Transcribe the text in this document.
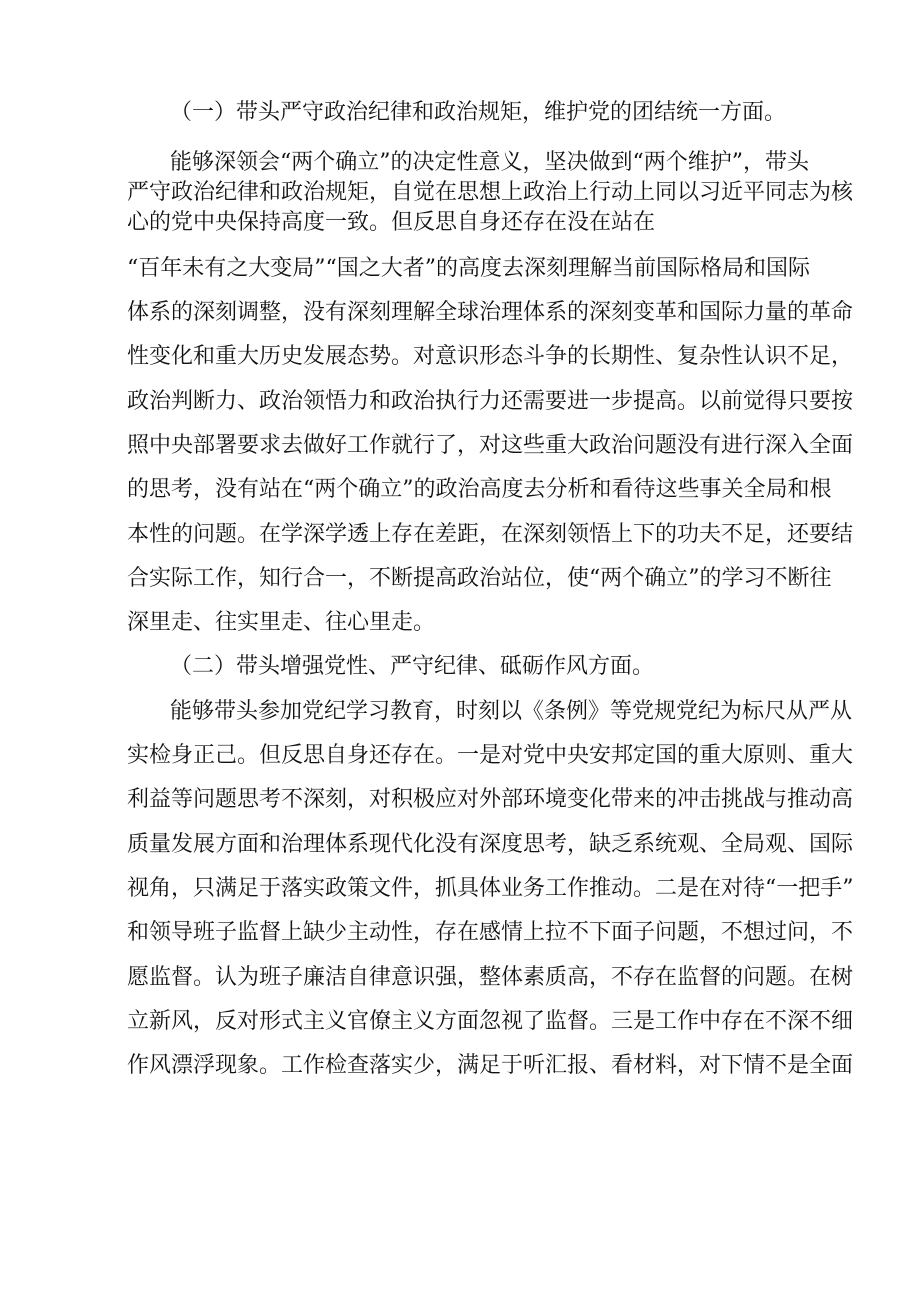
（一）带头严守政治纪律和政治规矩，维护党的团结统一方面。
能够深领会“两个确立”的决定性意义，坚决做到“两个维护”，带头
严守政治纪律和政治规矩，自觉在思想上政治上行动上同以习近平同志为核
心的党中央保持高度一致。但反思自身还存在没在站在
“百年未有之大变局”“国之大者”的高度去深刻理解当前国际格局和国际
体系的深刻调整，没有深刻理解全球治理体系的深刻变革和国际力量的革命
性变化和重大历史发展态势。对意识形态斗争的长期性、复杂性认识不足，
政治判断力、政治领悟力和政治执行力还需要进一步提高。以前觉得只要按
照中央部署要求去做好工作就行了，对这些重大政治问题没有进行深入全面
的思考，没有站在“两个确立”的政治高度去分析和看待这些事关全局和根
本性的问题。在学深学透上存在差距，在深刻领悟上下的功夫不足，还要结
合实际工作，知行合一，不断提高政治站位，使“两个确立”的学习不断往
深里走、往实里走、往心里走。
（二）带头增强党性、严守纪律、砥砺作风方面。
能够带头参加党纪学习教育，时刻以《条例》等党规党纪为标尺从严从
实检身正己。但反思自身还存在。一是对党中央安邦定国的重大原则、重大
利益等问题思考不深刻，对积极应对外部环境变化带来的冲击挑战与推动高
质量发展方面和治理体系现代化没有深度思考，缺乏系统观、全局观、国际
视角，只满足于落实政策文件，抓具体业务工作推动。二是在对待“一把手”
和领导班子监督上缺少主动性，存在感情上拉不下面子问题，不想过问，不
愿监督。认为班子廉洁自律意识强，整体素质高，不存在监督的问题。在树
立新风，反对形式主义官僚主义方面忽视了监督。三是工作中存在不深不细
作风漂浮现象。工作检查落实少，满足于听汇报、看材料，对下情不是全面
